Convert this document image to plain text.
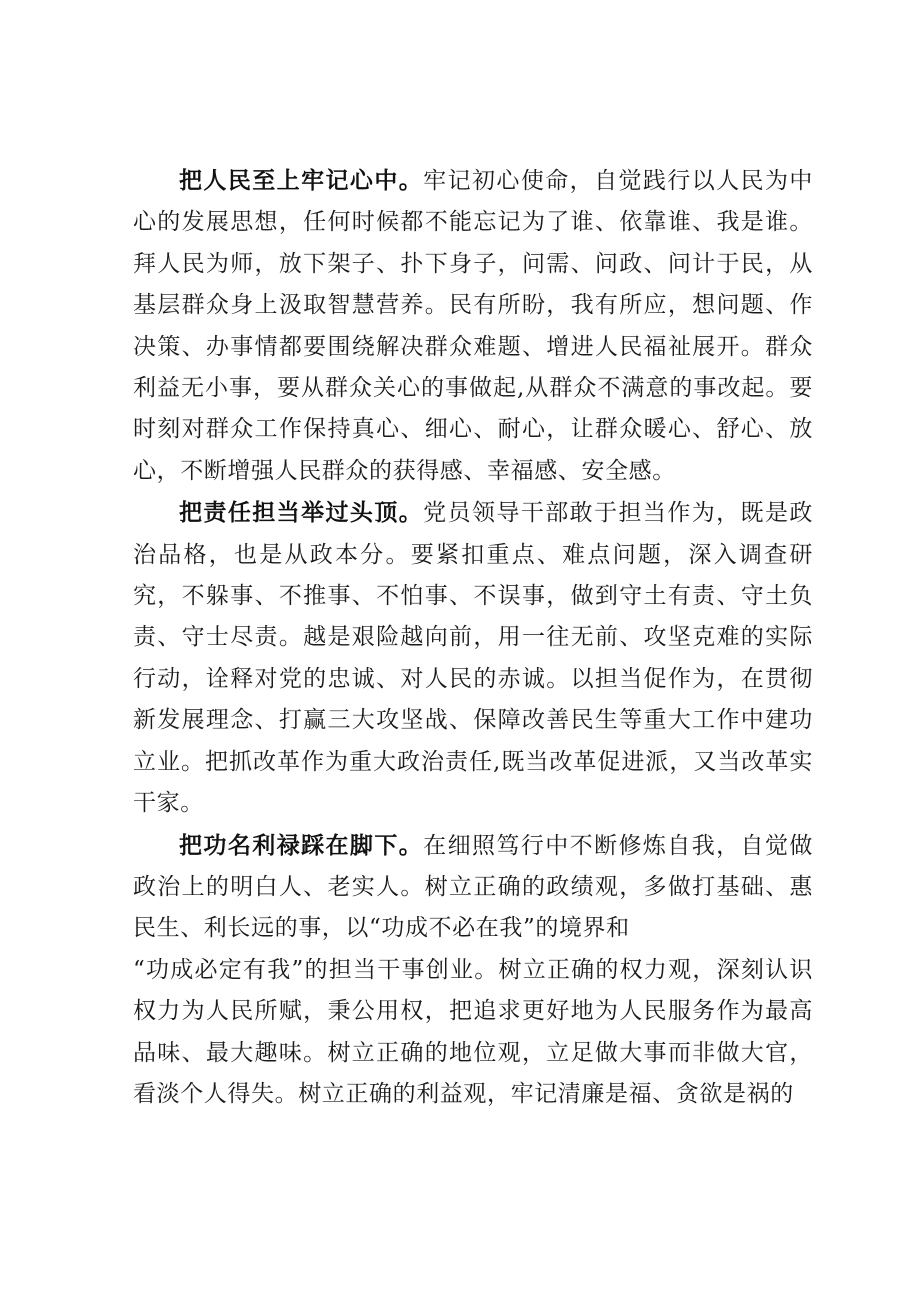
把人民至上牢记心中。牢记初心使命，自觉践行以人民为中心的发展思想，任何时候都不能忘记为了谁、依靠谁、我是谁。拜人民为师，放下架子、扑下身子，问需、问政、问计于民，从基层群众身上汲取智慧营养。民有所盼，我有所应，想问题、作决策、办事情都要围绕解决群众难题、增进人民福祉展开。群众利益无小事，要从群众关心的事做起,从群众不满意的事改起。要时刻对群众工作保持真心、细心、耐心，让群众暖心、舒心、放心，不断增强人民群众的获得感、幸福感、安全感。

把责任担当举过头顶。党员领导干部敢于担当作为，既是政治品格，也是从政本分。要紧扣重点、难点问题，深入调查研究，不躲事、不推事、不怕事、不误事，做到守土有责、守土负责、守士尽责。越是艰险越向前，用一往无前、攻坚克难的实际行动，诠释对党的忠诚、对人民的赤诚。以担当促作为，在贯彻新发展理念、打赢三大攻坚战、保障改善民生等重大工作中建功立业。把抓改革作为重大政治责任,既当改革促进派，又当改革实干家。

把功名利禄踩在脚下。在细照笃行中不断修炼自我，自觉做政治上的明白人、老实人。树立正确的政绩观，多做打基础、惠民生、利长远的事，以“功成不必在我”的境界和
“功成必定有我”的担当干事创业。树立正确的权力观，深刻认识权力为人民所赋，秉公用权，把追求更好地为人民服务作为最高品味、最大趣味。树立正确的地位观，立足做大事而非做大官，看淡个人得失。树立正确的利益观，牢记清廉是福、贪欲是祸的
